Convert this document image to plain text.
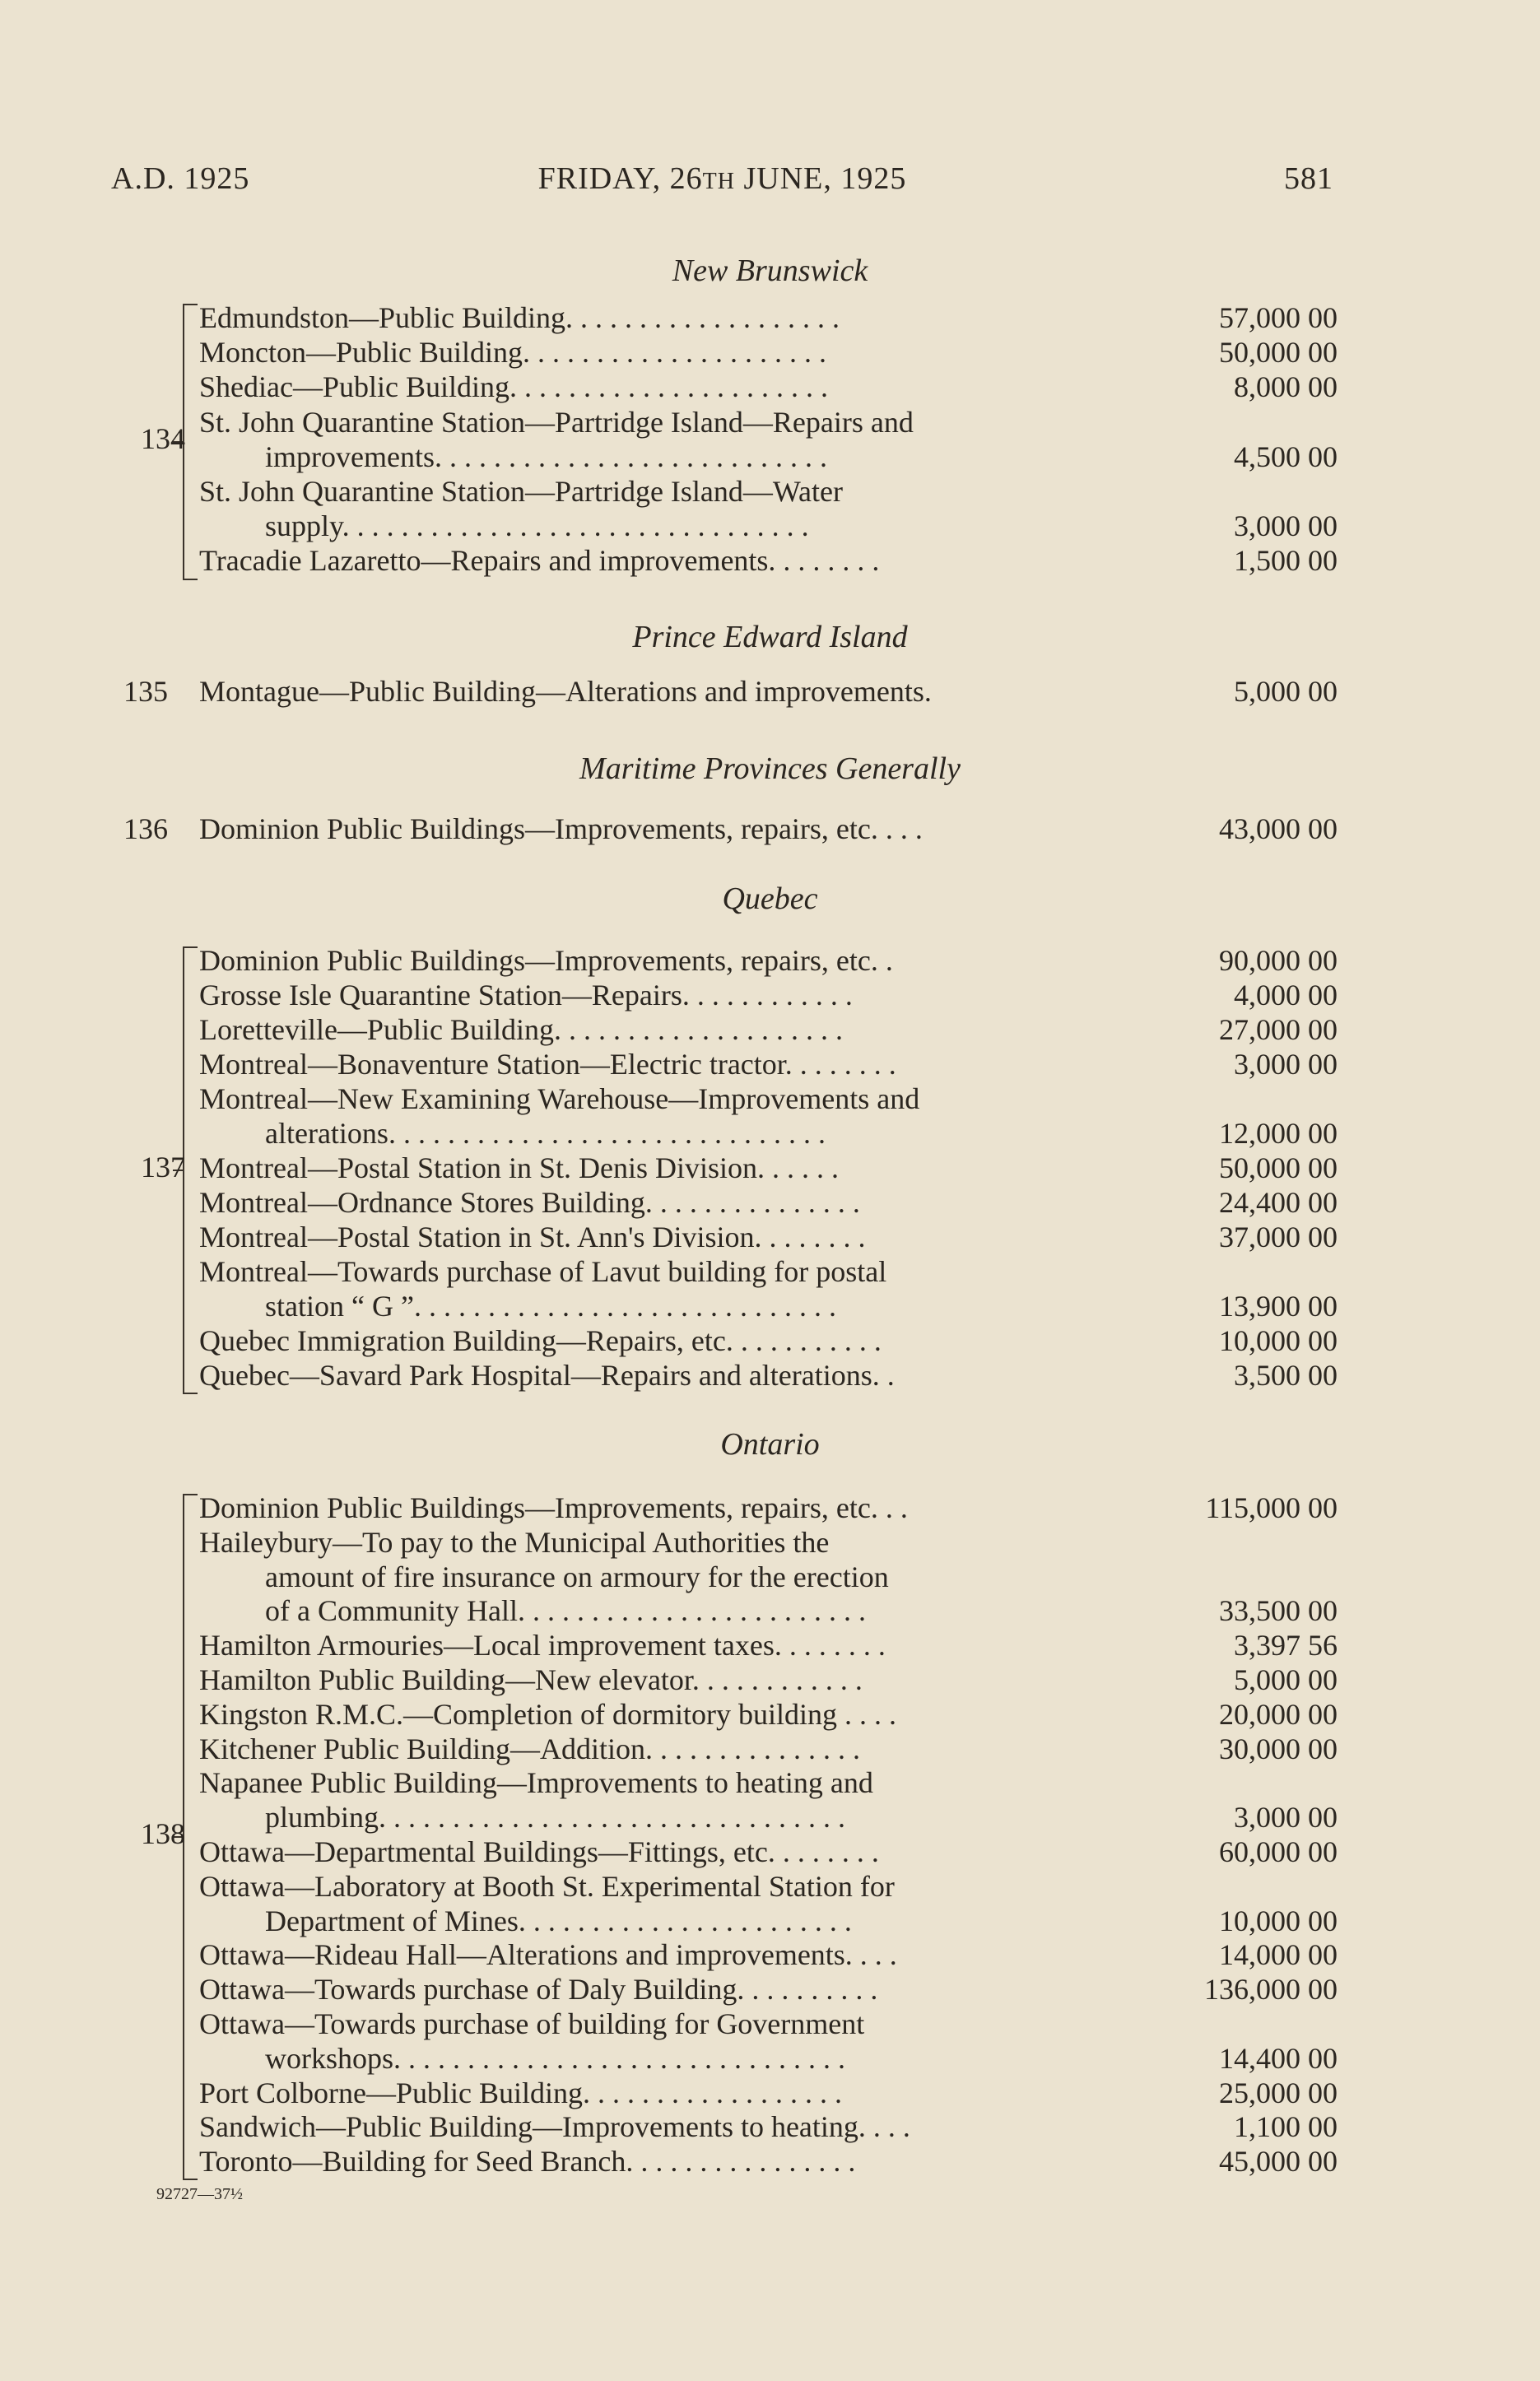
A.D. 1925	FRIDAY, 26TH JUNE, 1925	581
New Brunswick
134
Edmundston—Public Building. . . . . . . . . . . . . . . . . . .	57,000 00
Moncton—Public Building. . . . . . . . . . . . . . . . . . . . .	50,000 00
Shediac—Public Building. . . . . . . . . . . . . . . . . . . . . .	8,000 00
St. John Quarantine Station—Partridge Island—Repairs and
improvements. . . . . . . . . . . . . . . . . . . . . . . . . . .	4,500 00
St. John Quarantine Station—Partridge Island—Water
supply. . . . . . . . . . . . . . . . . . . . . . . . . . . . . . . .	3,000 00
Tracadie Lazaretto—Repairs and improvements. . . . . . . .	1,500 00
Prince Edward Island
135	Montague—Public Building—Alterations and improvements.	5,000 00
Maritime Provinces Generally
136	Dominion Public Buildings—Improvements, repairs, etc. . . .	43,000 00
Quebec
137
Dominion Public Buildings—Improvements, repairs, etc. .	90,000 00
Grosse Isle Quarantine Station—Repairs. . . . . . . . . . . .	4,000 00
Loretteville—Public Building. . . . . . . . . . . . . . . . . . . .	27,000 00
Montreal—Bonaventure Station—Electric tractor. . . . . . . .	3,000 00
Montreal—New Examining Warehouse—Improvements and
alterations. . . . . . . . . . . . . . . . . . . . . . . . . . . . . .	12,000 00
Montreal—Postal Station in St. Denis Division. . . . . .	50,000 00
Montreal—Ordnance Stores Building. . . . . . . . . . . . . . .	24,400 00
Montreal—Postal Station in St. Ann's Division. . . . . . . .	37,000 00
Montreal—Towards purchase of Lavut building for postal
station “ G ”. . . . . . . . . . . . . . . . . . . . . . . . . . . . .	13,900 00
Quebec Immigration Building—Repairs, etc. . . . . . . . . . .	10,000 00
Quebec—Savard Park Hospital—Repairs and alterations. .	3,500 00
Ontario
138
Dominion Public Buildings—Improvements, repairs, etc. . .	115,000 00
Haileybury—To pay to the Municipal Authorities the
amount of fire insurance on armoury for the erection
of a Community Hall. . . . . . . . . . . . . . . . . . . . . . . .	33,500 00
Hamilton Armouries—Local improvement taxes. . . . . . . .	3,397 56
Hamilton Public Building—New elevator. . . . . . . . . . . .	5,000 00
Kingston R.M.C.—Completion of dormitory building . . . .	20,000 00
Kitchener Public Building—Addition. . . . . . . . . . . . . . .	30,000 00
Napanee Public Building—Improvements to heating and
plumbing. . . . . . . . . . . . . . . . . . . . . . . . . . . . . . . .	3,000 00
Ottawa—Departmental Buildings—Fittings, etc. . . . . . . .	60,000 00
Ottawa—Laboratory at Booth St. Experimental Station for
Department of Mines. . . . . . . . . . . . . . . . . . . . . . .	10,000 00
Ottawa—Rideau Hall—Alterations and improvements. . . .	14,000 00
Ottawa—Towards purchase of Daly Building. . . . . . . . . .	136,000 00
Ottawa—Towards purchase of building for Government
workshops. . . . . . . . . . . . . . . . . . . . . . . . . . . . . . .	14,400 00
Port Colborne—Public Building. . . . . . . . . . . . . . . . . .	25,000 00
Sandwich—Public Building—Improvements to heating. . . .	1,100 00
Toronto—Building for Seed Branch. . . . . . . . . . . . . . . .	45,000 00
92727—37½
